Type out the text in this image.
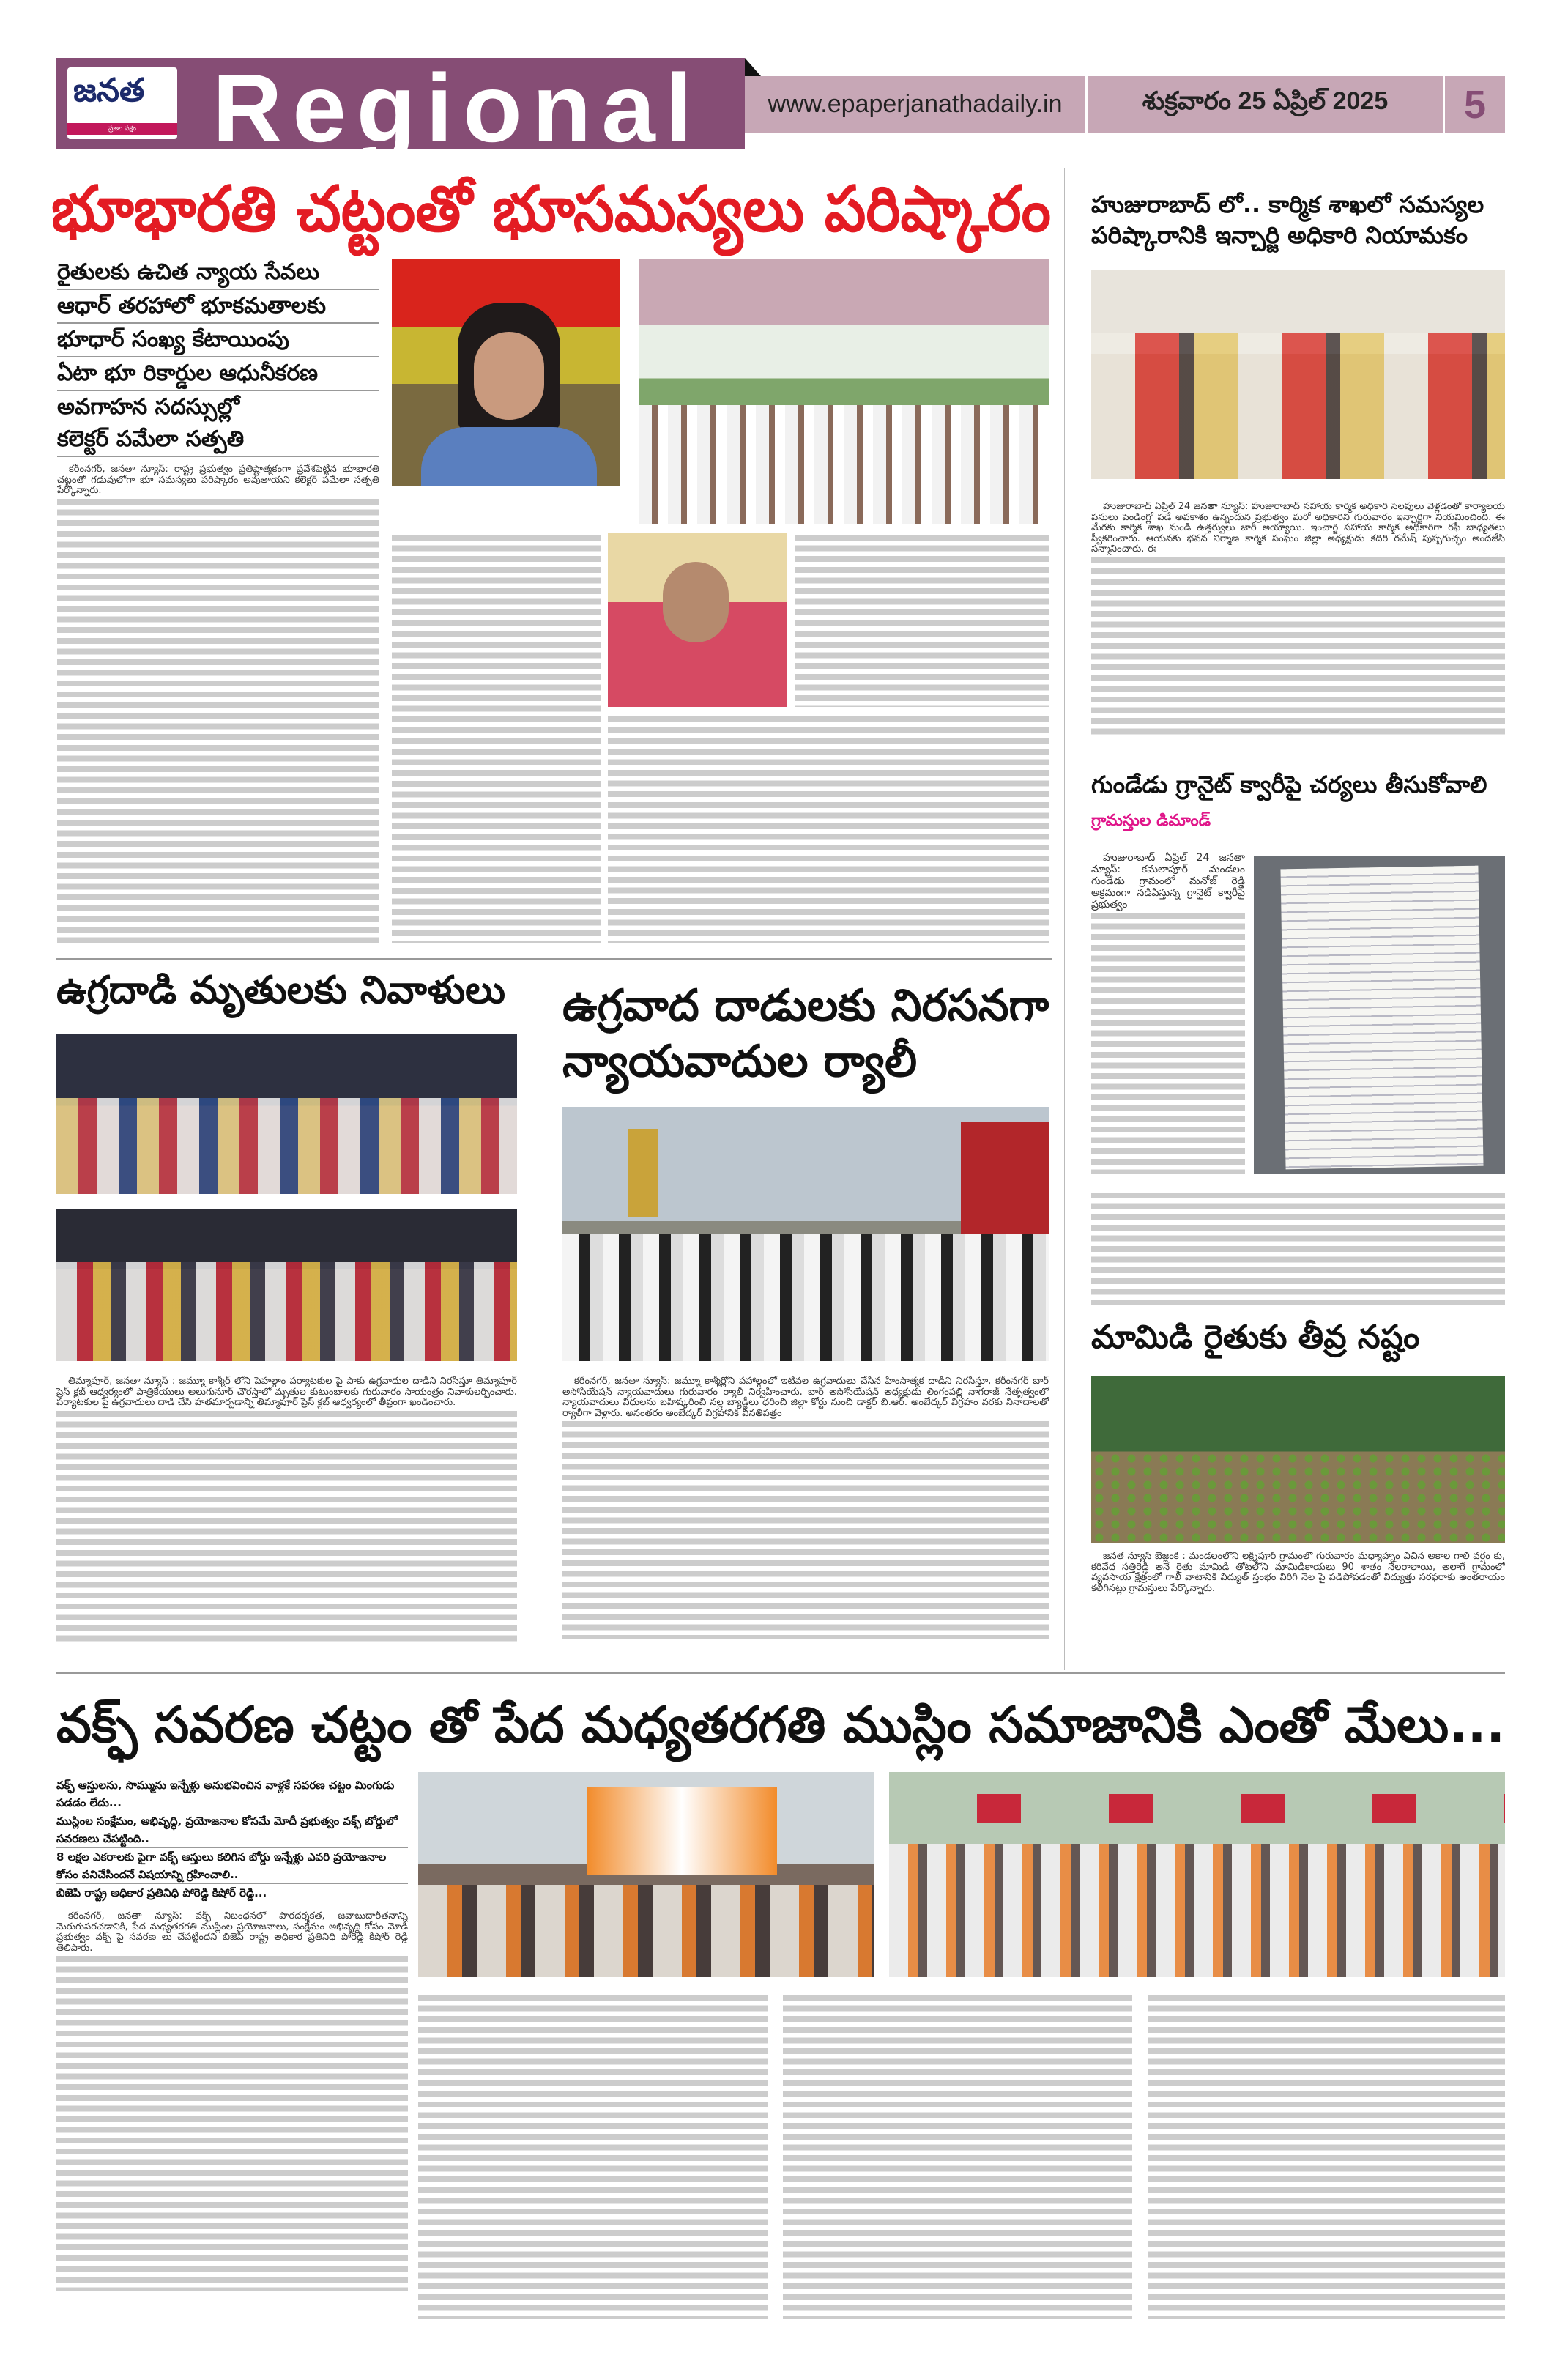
జనత
ప్రజల పక్షం Regional	www.epaperjanathadaily.in	శుక్రవారం 25 ఏప్రిల్ 2025	5
భూభారతి చట్టంతో భూసమస్యలు పరిష్కారం
రైతులకు ఉచిత న్యాయ సేవలు
ఆధార్ తరహాలో భూకమతాలకు
భూధార్ సంఖ్య కేటాయింపు
ఏటా భూ రికార్డుల ఆధునీకరణ
అవగాహన సదస్సుల్లో
కలెక్టర్ పమేలా సత్పతి
కరీంనగర్, జనతా న్యూస్: రాష్ట్ర ప్రభుత్వం ప్రతిష్టాత్మకంగా ప్రవేశపెట్టిన భూభారతి చట్టంతో గడువులోగా భూ సమస్యలు పరిష్కారం అవుతాయని కలెక్టర్ పమేలా సత్పతి పేర్కొన్నారు.
ఉగ్రదాడి మృతులకు నివాళులు
తిమ్మాపూర్, జనతా న్యూస్ : జమ్మూ కాశ్మీర్ లోని పెహల్గాం పర్యాటకుల పై పాకు ఉగ్రవాదుల దాడిని నిరసిస్తూ తిమ్మాపూర్ ప్రెస్ క్లబ్ ఆధ్వర్యంలో పాత్రికేయులు అలుగునూర్ చౌరస్తాలో మృతుల కుటుంబాలకు గురువారం సాయంత్రం నివాళులర్పించారు. పర్యాటకుల పై ఉగ్రవాదులు దాడి చేసి హతమార్చడాన్ని తిమ్మాపూర్ ప్రెస్ క్లబ్ ఆధ్వర్యంలో తీవ్రంగా ఖండించారు.
ఉగ్రవాద దాడులకు నిరసనగా
న్యాయవాదుల ర్యాలీ
కరీంనగర్, జనతా న్యూస్: జమ్మూ కాశ్మీర్లోని పహాల్గంలో ఇటీవల ఉగ్రవాదులు చేసిన హింసాత్మక దాడిని నిరసిస్తూ, కరీంనగర్ బార్ అసోసియేషన్ న్యాయవాదులు గురువారం ర్యాలీ నిర్వహించారు. బార్ అసోసియేషన్ అధ్యక్షుడు లింగంపల్లి నాగరాజ్ నేతృత్వంలో న్యాయవాదులు విధులను బహిష్కరించి నల్ల బ్యాడ్జీలు ధరించి జిల్లా కోర్టు నుంచి డాక్టర్ బి.ఆర్. అంబేద్కర్ విగ్రహం వరకు నినాదాలతో ర్యాలీగా వెళ్లారు. అనంతరం అంబేద్కర్ విగ్రహానికి వినతిపత్రం
హుజురాబాద్ లో.. కార్మిక శాఖలో సమస్యల పరిష్కారానికి ఇన్చార్జి అధికారి నియామకం
హుజురాబాద్ ఏప్రిల్ 24 జనతా న్యూస్: హుజురాబాద్ సహాయ కార్మిక అధికారి సెలవులు వెళ్లడంతో కార్యాలయ పనులు పెండింగ్లో పడే అవకాశం ఉన్నందున ప్రభుత్వం మరో అధికారిని గురువారం ఇన్చార్జిగా నియమించింది. ఈ మేరకు కార్మిక శాఖ నుండి ఉత్తర్వులు జారీ అయ్యాయి. ఇంచార్జి సహాయ కార్మిక అధికారిగా రఫీ బాధ్యతలు స్వీకరించారు. ఆయనకు భవన నిర్మాణ కార్మిక సంఘం జిల్లా అధ్యక్షుడు కదిరి రమేష్ పుష్పగుచ్ఛం అందజేసి సన్మానించారు. ఈ
గుండేడు గ్రానైట్ క్వారీపై చర్యలు తీసుకోవాలి
గ్రామస్తుల డిమాండ్
హుజురాబాద్ ఏప్రిల్ 24 జనతా న్యూస్: కమలాపూర్ మండలం గుండేడు గ్రామంలో మనోజ్ రెడ్డి అక్రమంగా నడిపిస్తున్న గ్రానైట్ క్వారీపై ప్రభుత్వం
మామిడి రైతుకు తీవ్ర నష్టం
జనత న్యూస్ బెజ్జంకి : మండలంలోని లక్ష్మీపూర్ గ్రామంలో గురువారం మధ్యాహ్నం వీచిన అకాల గాలి వర్షం కు, కరివేద సత్తిరెడ్డి అనే రైతు మామిడి తోటలోని మామిడికాయలు 90 శాతం నేలరాలాయి, అలాగే గ్రామంలో వ్యవసాయ క్షేత్రంలో గాలి వాటానికి విద్యుత్ స్తంభం విరిగి నెల పై పడిపోవడంతో విద్యుత్తు సరఫరాకు అంతరాయం కలిగినట్లు గ్రామస్తులు పేర్కొన్నారు.
వక్ఫ్ సవరణ చట్టం తో పేద మధ్యతరగతి ముస్లిం సమాజానికి ఎంతో మేలు...
వక్ఫ్ ఆస్తులను, సొమ్మును ఇన్నేళ్లు అనుభవించిన వాళ్లకే సవరణ చట్టం మింగుడు పడడం లేదు...
ముస్లింల సంక్షేమం, అభివృద్ధి, ప్రయోజనాల కోసమే మోదీ ప్రభుత్వం వక్ఫ్ బోర్డులో సవరణలు చేపట్టింది..
8 లక్షల ఎకరాలకు పైగా వక్ఫ్ ఆస్తులు కలిగిన బోర్డు ఇన్నేళ్లు ఎవరి ప్రయోజనాల కోసం పనిచేసిందనే విషయాన్ని గ్రహించాలి..
బిజెపి రాష్ట్ర అధికార ప్రతినిధి పోరెడ్డి కిషోర్ రెడ్డి...
కరీంనగర్, జనతా న్యూస్: వక్ఫ్ నిబంధనలో పారదర్శకత, జవాబుదారీతనాన్ని మెరుగుపరచడానికి, పేద మధ్యతరగతి ముస్లింల ప్రయోజనాలు, సంక్షేమం అభివృద్ధి కోసం మోడీ ప్రభుత్వం వక్ఫ్ పై సవరణ లు చేపట్టిందని బిజెపి రాష్ట్ర అధికార ప్రతినిధి పోరెడ్డి కిషోర్ రెడ్డి తెలిపారు.
